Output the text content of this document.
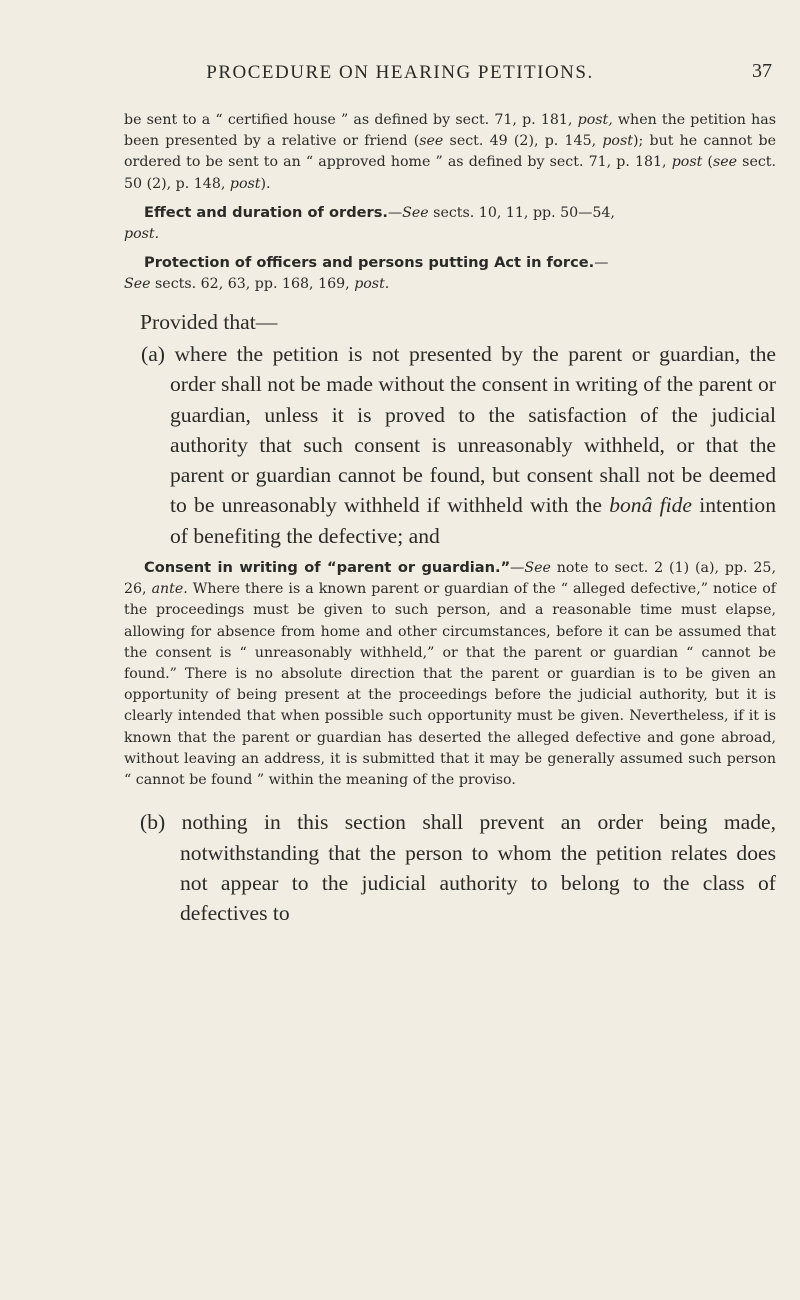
PROCEDURE ON HEARING PETITIONS.	37

be sent to a “ certified house ” as defined by sect. 71, p. 181, post, when the petition has been presented by a relative or friend (see sect. 49 (2), p. 145, post); but he cannot be ordered to be sent to an “ approved home ” as defined by sect. 71, p. 181, post (see sect. 50 (2), p. 148, post).

Effect and duration of orders.—See sects. 10, 11, pp. 50—54,
post.

Protection of officers and persons putting Act in force.—
See sects. 62, 63, pp. 168, 169, post.

Provided that—

(a) where the petition is not presented by the parent or guardian, the order shall not be made without the consent in writing of the parent or guardian, unless it is proved to the satisfaction of the judicial authority that such consent is unreasonably withheld, or that the parent or guardian cannot be found, but consent shall not be deemed to be unreasonably withheld if withheld with the bonâ fide intention of benefiting the defective; and

Consent in writing of “parent or guardian.”—See note to sect. 2 (1) (a), pp. 25, 26, ante. Where there is a known parent or guardian of the “ alleged defective,” notice of the proceedings must be given to such person, and a reasonable time must elapse, allowing for absence from home and other circumstances, before it can be assumed that the consent is “ unreasonably withheld,” or that the parent or guardian “ cannot be found.” There is no absolute direction that the parent or guardian is to be given an opportunity of being present at the proceedings before the judicial authority, but it is clearly intended that when possible such opportunity must be given. Nevertheless, if it is known that the parent or guardian has deserted the alleged defective and gone abroad, without leaving an address, it is submitted that it may be generally assumed such person “ cannot be found ” within the meaning of the proviso.

(b) nothing in this section shall prevent an order being made, notwithstanding that the person to whom the petition relates does not appear to the judicial authority to belong to the class of defectives to
